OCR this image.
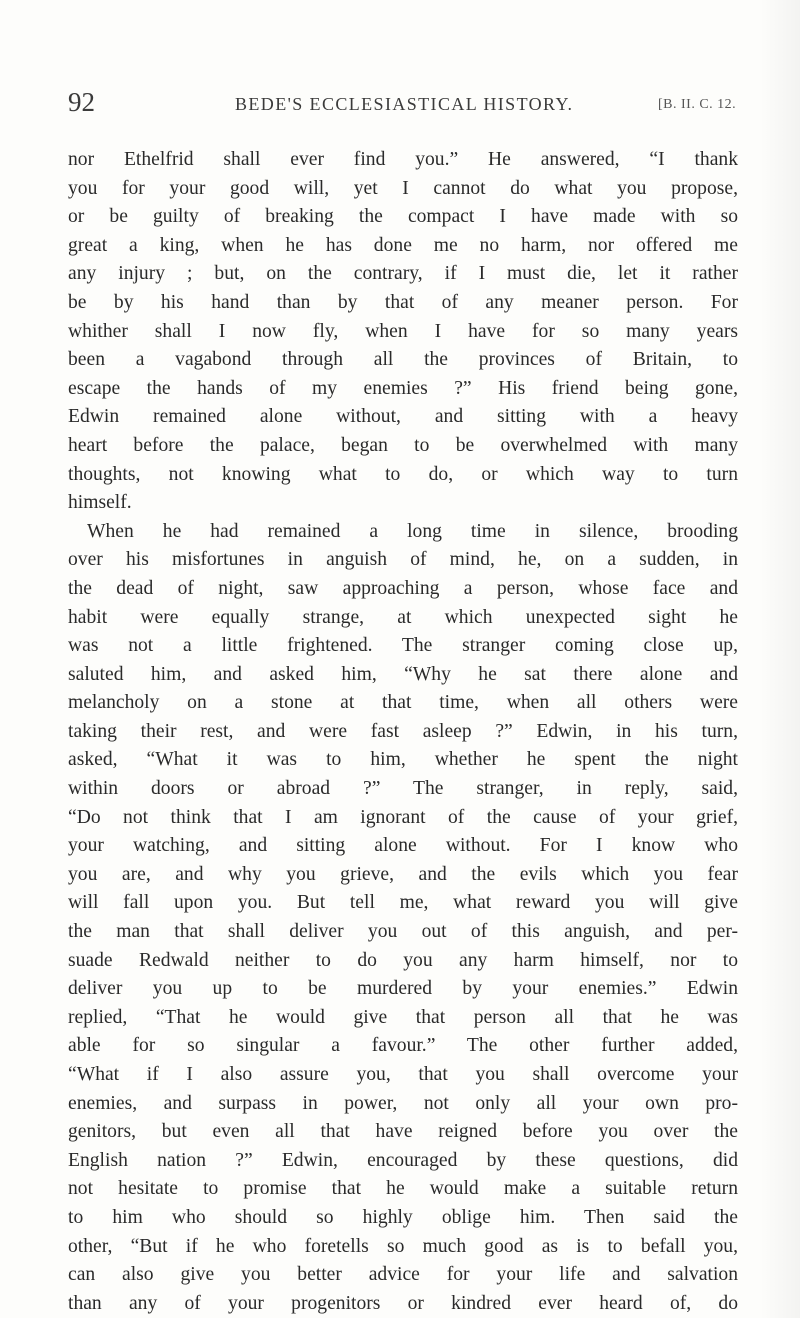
92	BEDE'S ECCLESIASTICAL HISTORY.	[B. II. C. 12.
nor Ethelfrid shall ever find you.” He answered, “I thank
you for your good will, yet I cannot do what you propose,
or be guilty of breaking the compact I have made with so
great a king, when he has done me no harm, nor offered me
any injury ; but, on the contrary, if I must die, let it rather
be by his hand than by that of any meaner person. For
whither shall I now fly, when I have for so many years
been a vagabond through all the provinces of Britain, to
escape the hands of my enemies ?” His friend being gone,
Edwin remained alone without, and sitting with a heavy
heart before the palace, began to be overwhelmed with many
thoughts, not knowing what to do, or which way to turn
himself.
When he had remained a long time in silence, brooding
over his misfortunes in anguish of mind, he, on a sudden, in
the dead of night, saw approaching a person, whose face and
habit were equally strange, at which unexpected sight he
was not a little frightened. The stranger coming close up,
saluted him, and asked him, “Why he sat there alone and
melancholy on a stone at that time, when all others were
taking their rest, and were fast asleep ?” Edwin, in his turn,
asked, “What it was to him, whether he spent the night
within doors or abroad ?” The stranger, in reply, said,
“Do not think that I am ignorant of the cause of your grief,
your watching, and sitting alone without. For I know who
you are, and why you grieve, and the evils which you fear
will fall upon you. But tell me, what reward you will give
the man that shall deliver you out of this anguish, and per-
suade Redwald neither to do you any harm himself, nor to
deliver you up to be murdered by your enemies.” Edwin
replied, “That he would give that person all that he was
able for so singular a favour.” The other further added,
“What if I also assure you, that you shall overcome your
enemies, and surpass in power, not only all your own pro-
genitors, but even all that have reigned before you over the
English nation ?” Edwin, encouraged by these questions, did
not hesitate to promise that he would make a suitable return
to him who should so highly oblige him. Then said the
other, “But if he who foretells so much good as is to befall you,
can also give you better advice for your life and salvation
than any of your progenitors or kindred ever heard of, do
